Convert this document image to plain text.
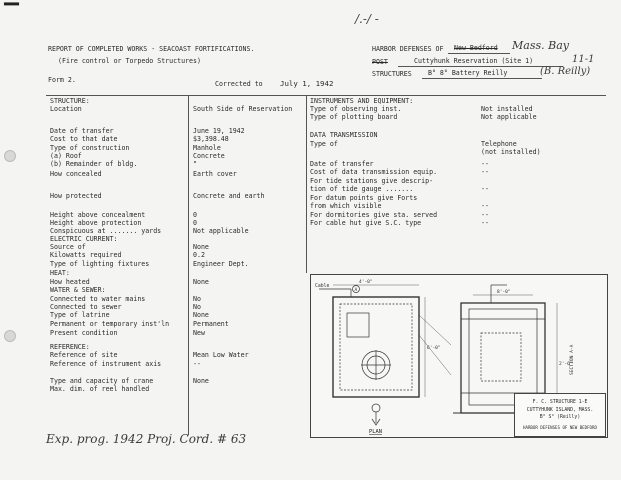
▀▀▀▀▀
/.-/ -
REPORT OF COMPLETED WORKS - SEACOAST FORTIFICATIONS.
(Fire control or Torpedo Structures)
Form 2.	Corrected to July 1, 1942
HARBOR DEFENSES OF New Bedford Mass. Bay
POST	Cuttyhunk Reservation (Site 1)	11-1
STRUCTURES B° 8° Battery Reilly	(B. Reilly)
STRUCTURE:
Location	South Side of Reservation
Date of transfer	June 19, 1942
Cost to that date	$3,398.48
Type of construction	Manhole
(a) Roof	Concrete
(b) Remainder of bldg.	"
How concealed	Earth cover
How protected	Concrete and earth
Height above concealment	0
Height above protection	0
Conspicuous at ....... yards	Not applicable
ELECTRIC CURRENT:
Source of	None
Kilowatts required	0.2
Type of lighting fixtures	Engineer Dept.
HEAT:
How heated	None
WATER & SEWER:
Connected to water mains	No
Connected to sewer	No
Type of latrine	None
Permanent or temporary inst'ln	Permanent
Present condition	New
REFERENCE:
Reference of site	Mean Low Water
Reference of instrument axis	--
Type and capacity of crane	None
Max. dim. of reel handled
INSTRUMENTS AND EQUIPMENT:
Type of observing inst.	Not installed
Type of plotting board	Not applicable
DATA TRANSMISSION
Type of	Telephone
(not installed)
Date of transfer	--
Cost of data transmission equip.	--
For tide stations give descrip-
tion of tide gauge .......	--
For datum points give Forts
from which visible	--
For dormitories give sta. served	--
For cable hut give S.C. type	--
Cable
A
4'-0"
6'-0"
8'-0"
2'-6"
PLAN
SECTION A-A
F. C. STRUCTURE 1-E
CUTTYHUNK ISLAND, MASS.
B° S° (Reilly)
HARBOR DEFENSES OF NEW BEDFORD
Exp. prog. 1942 Proj. Cord. # 63
